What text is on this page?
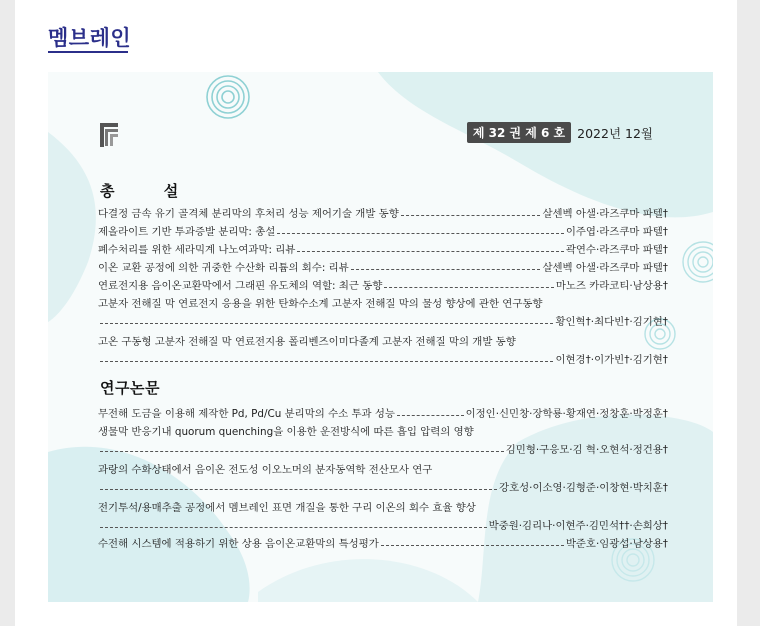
멤브레인
제 32 권 제 6 호 2022년 12월
총 설
다결정 금속 유기 골격체 분리막의 후처리 성능 제어기술 개발 동향	살센벡 아샐·라즈쿠마 파텔†
제올라이트 기반 투과증발 분리막: 총설	이주엽·라즈쿠마 파텔†
폐수처리를 위한 세라믹계 나노여과막: 리뷰	곽연수·라즈쿠마 파텔†
이온 교환 공정에 의한 귀중한 수산화 리튬의 회수: 리뷰	살센벡 아샐·라즈쿠마 파텔†
연료전지용 음이온교환막에서 그래핀 유도체의 역할: 최근 동향	마노즈 카라코티·남상용†
고분자 전해질 막 연료전지 응용을 위한 탄화수소계 고분자 전해질 막의 물성 향상에 관한 연구동향
황인혁†·최다빈†·김기현†
고온 구동형 고분자 전해질 막 연료전지용 폴리벤즈이미다졸계 고분자 전해질 막의 개발 동향
이현경†·이가빈†·김기현†
연구논문
무전해 도금을 이용해 제작한 Pd, Pd/Cu 분리막의 수소 투과 성능	이정인·신민창·장학룡·황재연·정창훈·박정훈†
생물막 반응기내 quorum quenching을 이용한 운전방식에 따른 흡입 압력의 영향
김민형·구응모·김 혁·오현석·정건용†
과랑의 수화상태에서 음이온 전도성 이오노머의 분자동역학 전산모사 연구
강호성·이소영·김형준·이창현·박치훈†
전기투석/용매추출 공정에서 멤브레인 표면 개질을 통한 구리 이온의 회수 효율 향상
박중원·김리나·이현주·김민석††·손희상†
수전해 시스템에 적용하기 위한 상용 음이온교환막의 특성평가	박준호·임광섭·남상용†
